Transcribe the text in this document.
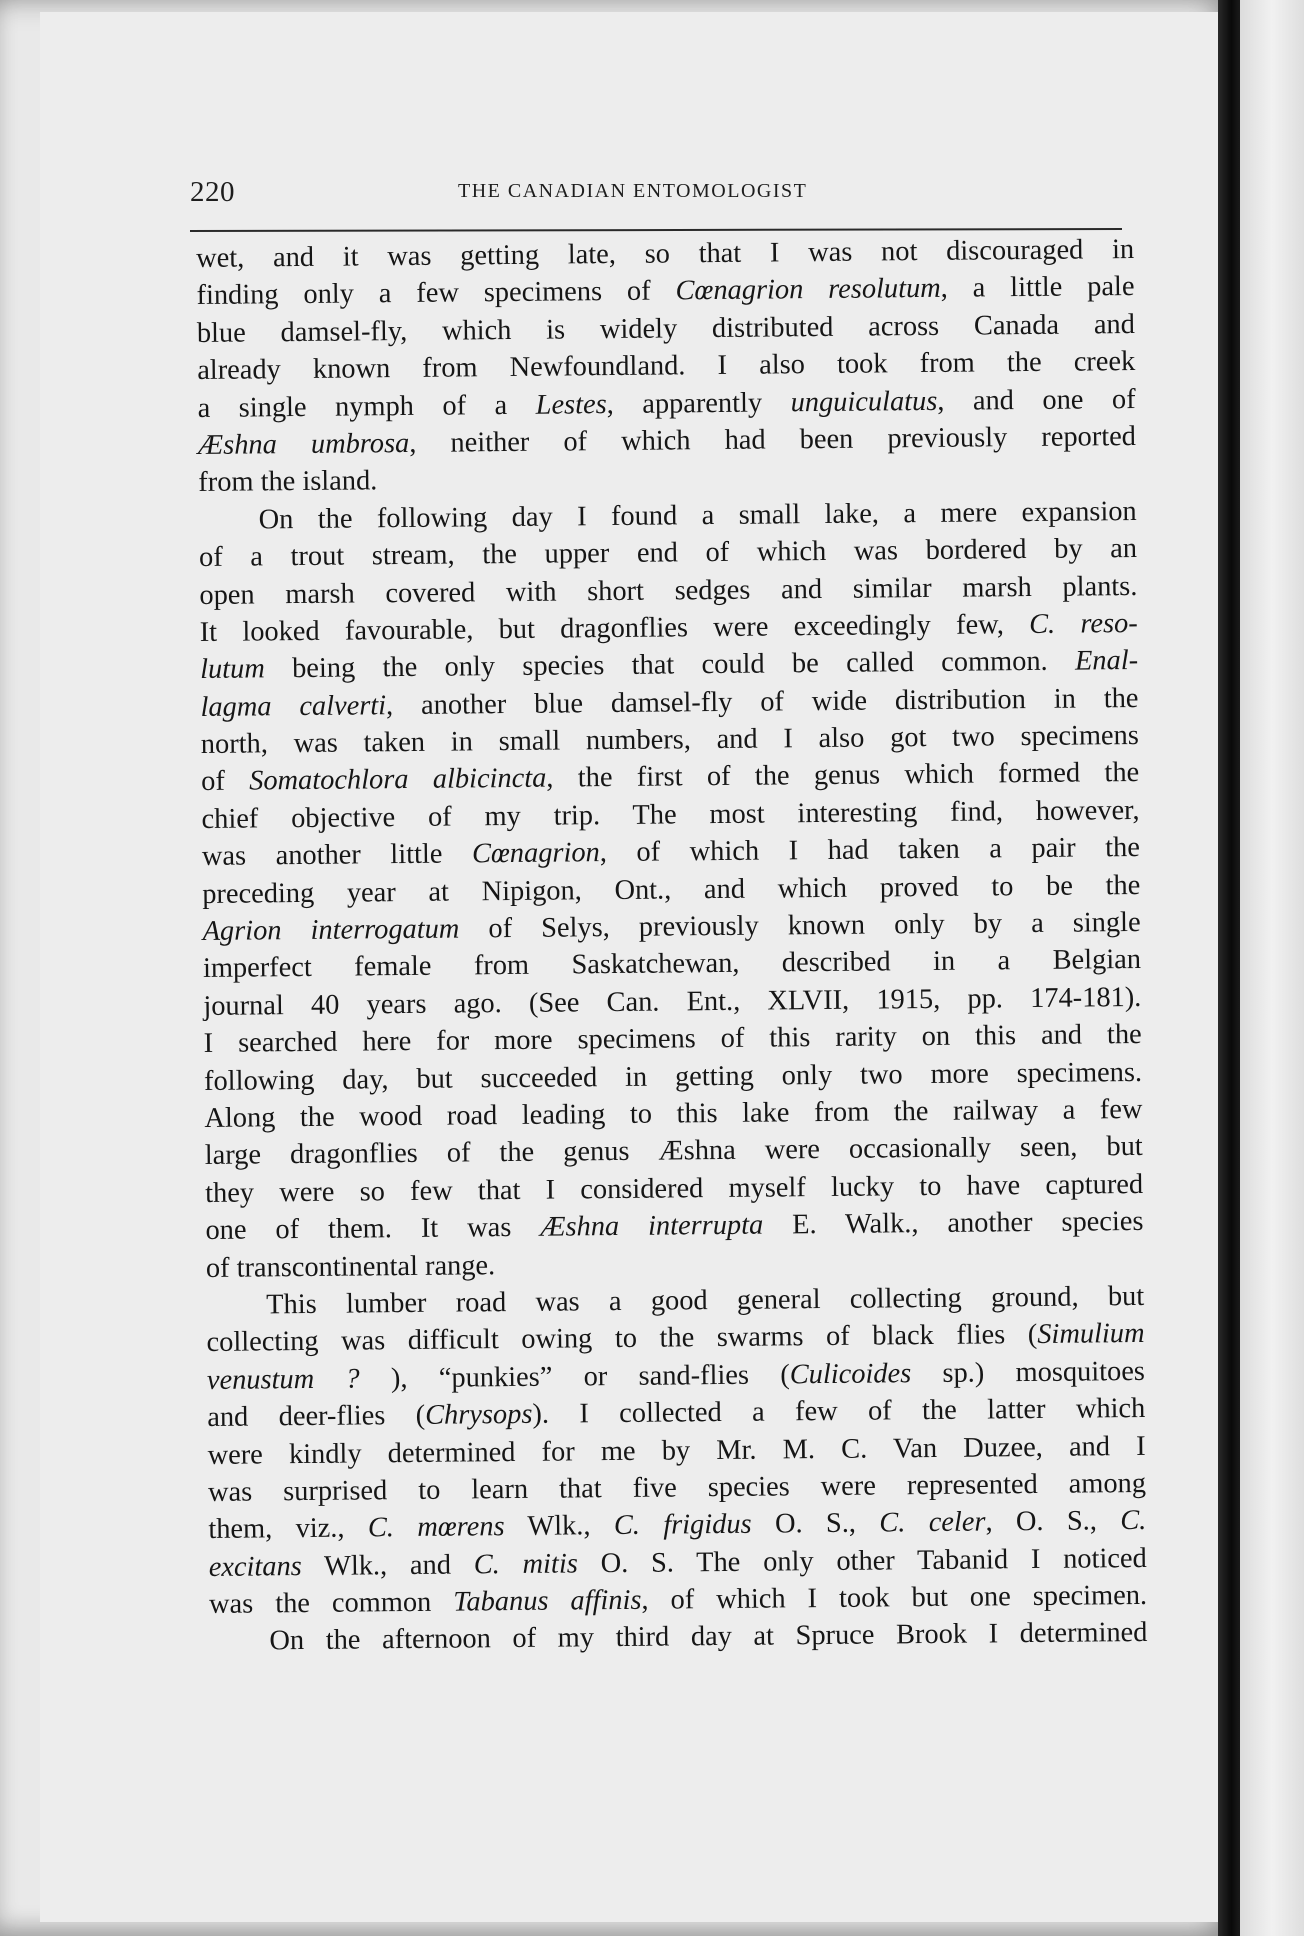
220	THE CANADIAN ENTOMOLOGIST
wet, and it was getting late, so that I was not discouraged in
finding only a few specimens of Cœnagrion resolutum, a little pale
blue damsel-fly, which is widely distributed across Canada and
already known from Newfoundland. I also took from the creek
a single nymph of a Lestes, apparently unguiculatus, and one of
Æshna umbrosa, neither of which had been previously reported
from the island.
On the following day I found a small lake, a mere expansion
of a trout stream, the upper end of which was bordered by an
open marsh covered with short sedges and similar marsh plants.
It looked favourable, but dragonflies were exceedingly few, C. reso-
lutum being the only species that could be called common. Enal-
lagma calverti, another blue damsel-fly of wide distribution in the
north, was taken in small numbers, and I also got two specimens
of Somatochlora albicincta, the first of the genus which formed the
chief objective of my trip. The most interesting find, however,
was another little Cœnagrion, of which I had taken a pair the
preceding year at Nipigon, Ont., and which proved to be the
Agrion interrogatum of Selys, previously known only by a single
imperfect female from Saskatchewan, described in a Belgian
journal 40 years ago. (See Can. Ent., XLVII, 1915, pp. 174-181).
I searched here for more specimens of this rarity on this and the
following day, but succeeded in getting only two more specimens.
Along the wood road leading to this lake from the railway a few
large dragonflies of the genus Æshna were occasionally seen, but
they were so few that I considered myself lucky to have captured
one of them. It was Æshna interrupta E. Walk., another species
of transcontinental range.
This lumber road was a good general collecting ground, but
collecting was difficult owing to the swarms of black flies (Simulium
venustum ? ), “punkies” or sand-flies (Culicoides sp.) mosquitoes
and deer-flies (Chrysops). I collected a few of the latter which
were kindly determined for me by Mr. M. C. Van Duzee, and I
was surprised to learn that five species were represented among
them, viz., C. mœrens Wlk., C. frigidus O. S., C. celer, O. S., C.
excitans Wlk., and C. mitis O. S. The only other Tabanid I noticed
was the common Tabanus affinis, of which I took but one specimen.
On the afternoon of my third day at Spruce Brook I determined
